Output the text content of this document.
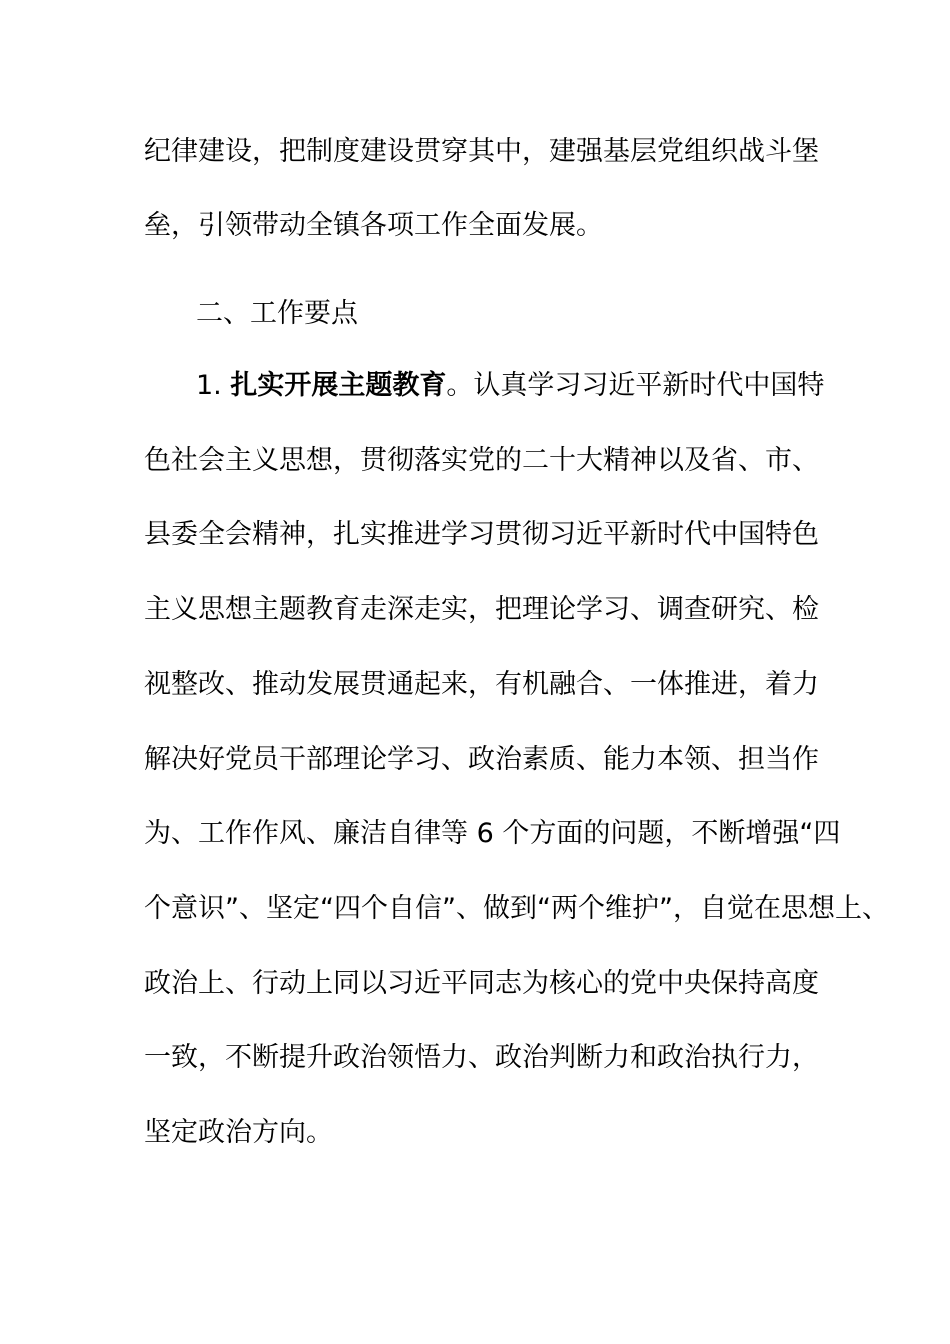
纪律建设，把制度建设贯穿其中，建强基层党组织战斗堡
垒，引领带动全镇各项工作全面发展。
二、工作要点
1. 扎实开展主题教育。认真学习习近平新时代中国特
色社会主义思想，贯彻落实党的二十大精神以及省、市、
县委全会精神，扎实推进学习贯彻习近平新时代中国特色
主义思想主题教育走深走实，把理论学习、调查研究、检
视整改、推动发展贯通起来，有机融合、一体推进，着力
解决好党员干部理论学习、政治素质、能力本领、担当作
为、工作作风、廉洁自律等 6 个方面的问题，不断增强“四
个意识”、坚定“四个自信”、做到“两个维护”，自觉在思想上、
政治上、行动上同以习近平同志为核心的党中央保持高度
一致，不断提升政治领悟力、政治判断力和政治执行力，
坚定政治方向。
